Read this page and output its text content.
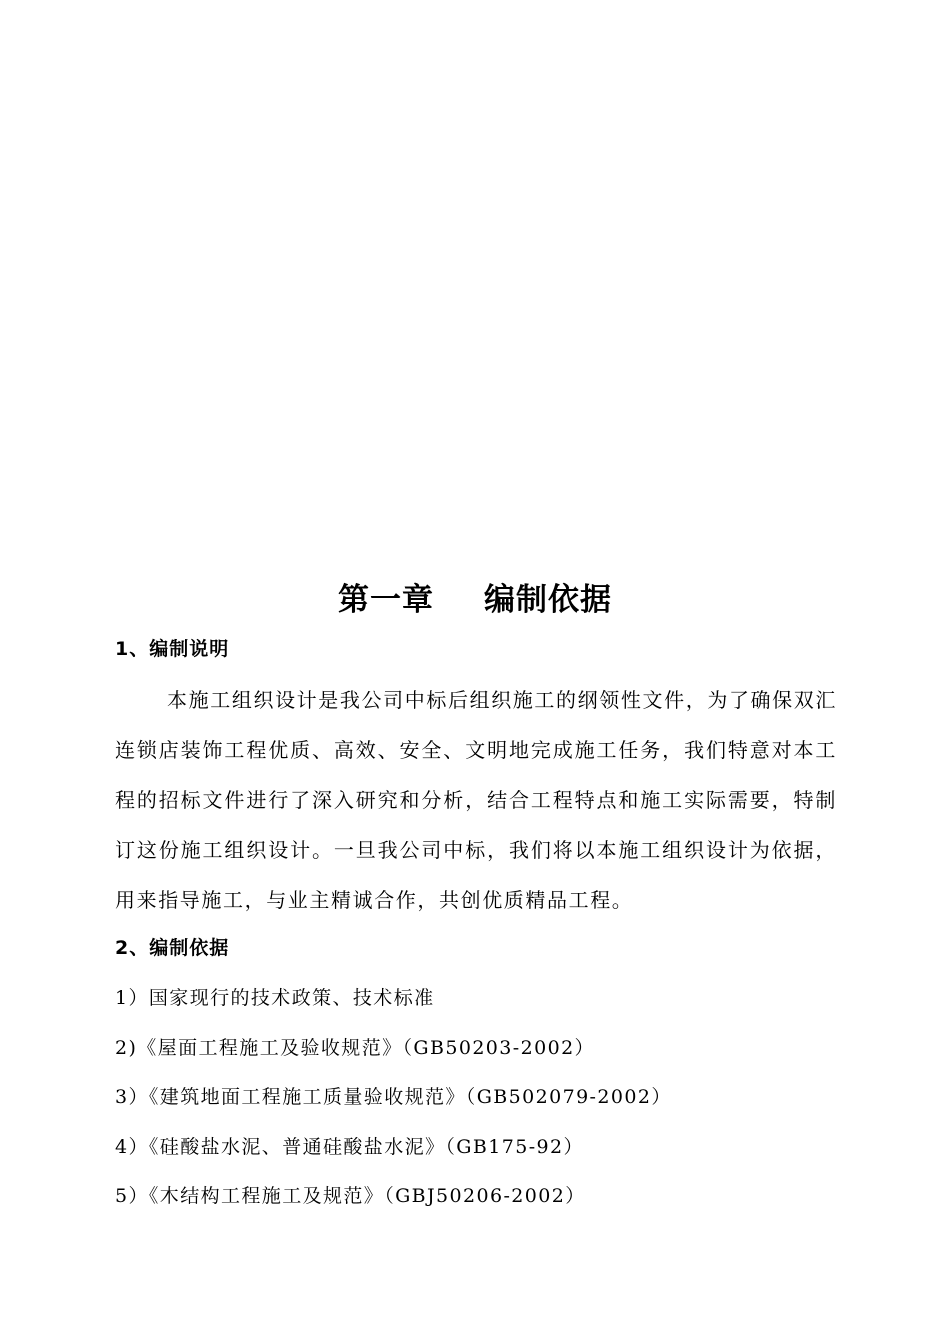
第一章 编制依据
1、编制说明

本施工组织设计是我公司中标后组织施工的纲领性文件，为了确保双汇连锁店装饰工程优质、高效、安全、文明地完成施工任务，我们特意对本工程的招标文件进行了深入研究和分析，结合工程特点和施工实际需要，特制订这份施工组织设计。一旦我公司中标，我们将以本施工组织设计为依据，用来指导施工，与业主精诚合作，共创优质精品工程。

2、编制依据
1）国家现行的技术政策、技术标准
2)《屋面工程施工及验收规范》（GB50203-2002）
3）《建筑地面工程施工质量验收规范》（GB502079-2002）
4）《硅酸盐水泥、普通硅酸盐水泥》（GB175-92）
5）《木结构工程施工及规范》（GBJ50206-2002）
